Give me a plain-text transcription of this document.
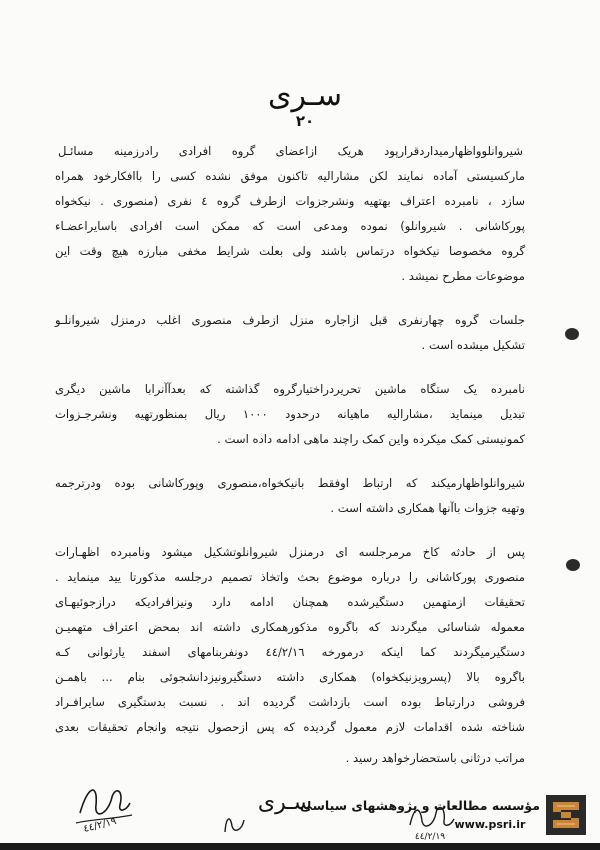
سـرى
۲۰
شیروانلوواظهارمیداردقرارپود هریک ازاعضای گروه افرادی رادرزمینه مسائـل
مارکسیستی آماده نمایند لکن مشارالیه تاکنون موفق نشده کسی را باافکارخود همراه
سازد ، نامبرده اعتراف بهتهیه ونشرجزوات ازطرف گروه ٤ نفری (منصوری . نیکخواه
پورکاشانی . شیروانلو) نموده ومدعی است که ممکن است افرادی باسایراعضـاء
گروه مخصوصا نیکخواه درتماس باشند ولی بعلت شرایط مخفی مبارزه هیچ وقت این
موضوعات مطرح نمیشد .
جلسات گروه چهارنفری قبل ازاجاره منزل ازطرف منصوری اغلب درمنزل شیروانلـو
تشکیل میشده است .
نامبرده یک ستگاه ماشین تحریردراختیارگروه گذاشته که بعدآآنرابا ماشین دیگری
تبدیل مینماید ،مشارالیه ماهیانه درحدود ۱۰۰۰ ریال بمنظورتهیه ونشرجـزوات
کمونیستی کمک میکرده واین کمک راچند ماهی ادامه داده است .
شیروانلواظهارمیکند که ارتباط اوفقط بانیکخواه،منصوری وپورکاشانی بوده ودرترجمه
وتهیه جزوات باآنها همکاری داشته است .
پس از حادثه کاخ مرمرجلسه ای درمنزل شیروانلوتشکیل میشود ونامبرده اظهـارات
منصوری پورکاشانی را درباره موضوع بحث واتخاذ تصمیم درجلسه مذکورتا یید مینماید .
تحقیقات ازمتهمین دستگیرشده همچنان ادامه دارد ونیزافرادیکه درازجوئیهـای
معموله شناسائی میگردند که باگروه مذکورهمکاری داشته اند بمحض اعتراف متهمیـن
دستگیرمیگردند کما اینکه درمورخه ٤٤/۲/۱٦ دونفربنامهای اسفند یارثوانی کـه
باگروه بالا (پسرویزنیکخواه) همکاری داشته دستگیرونیزدانشجوئی بنام ... باهمـن
فروشی درارتباط بوده است بازداشت گردیده اند . نسبت بدستگیری سایرافـراد
شناخته شده اقدامات لازم معمول گردیده که پس ازحصول نتیجه وانجام تحقیقات بعدی
مراتب درثانی باستحضارخواهد رسید .
سـرى
٤٤/۲/۱۹
٤٤/۲/۱۹
مؤسسه مطالعات و پژوهشهای سیاسی
www.psri.ir
